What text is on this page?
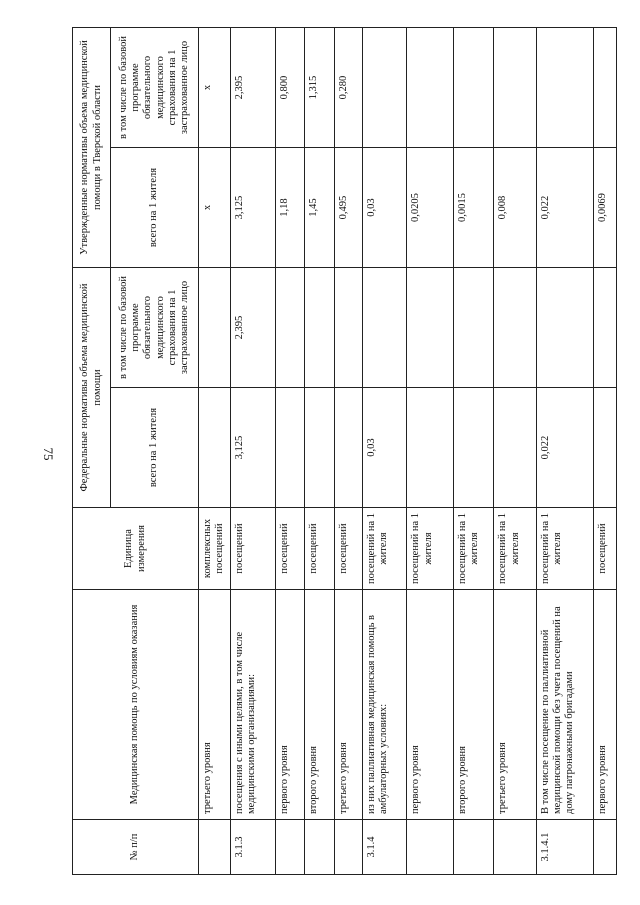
75
№ п/п	Медицинская помощь по условиям оказания	Единица измерения	Федеральные нормативы объема медицинской помощи		Утвержденные нормативы объема медицинской помощи в Тверской области	
			всего на 1 жителя	в том числе по базовой программе обязательного медицинского страхования на 1 застрахованное лицо	всего на 1 жителя	в том числе по базовой программе обязательного медицинского страхования на 1 застрахованное лицо
	третьего уровня	комплексных посещений			x	x
3.1.3	посещения с иными целями, в том числе медицинскими организациями:	посещений	3,125	2,395	3,125	2,395
	первого уровня	посещений			1,18	0,800
	второго уровня	посещений			1,45	1,315
	третьего уровня	посещений			0,495	0,280
3.1.4	из них паллиативная медицинская помощь в амбулаторных условиях:	посещений на 1 жителя	0,03		0,03	
	первого уровня	посещений на 1 жителя			0,0205	
	второго уровня	посещений на 1 жителя			0,0015	
	третьего уровня	посещений на 1 жителя			0,008	
3.1.4.1	В том числе посещение по паллиативной медицинской помощи без учета посещений на дому патронажными бригадами	посещений на 1 жителя	0,022		0,022	
	первого уровня	посещений			0,0069	
